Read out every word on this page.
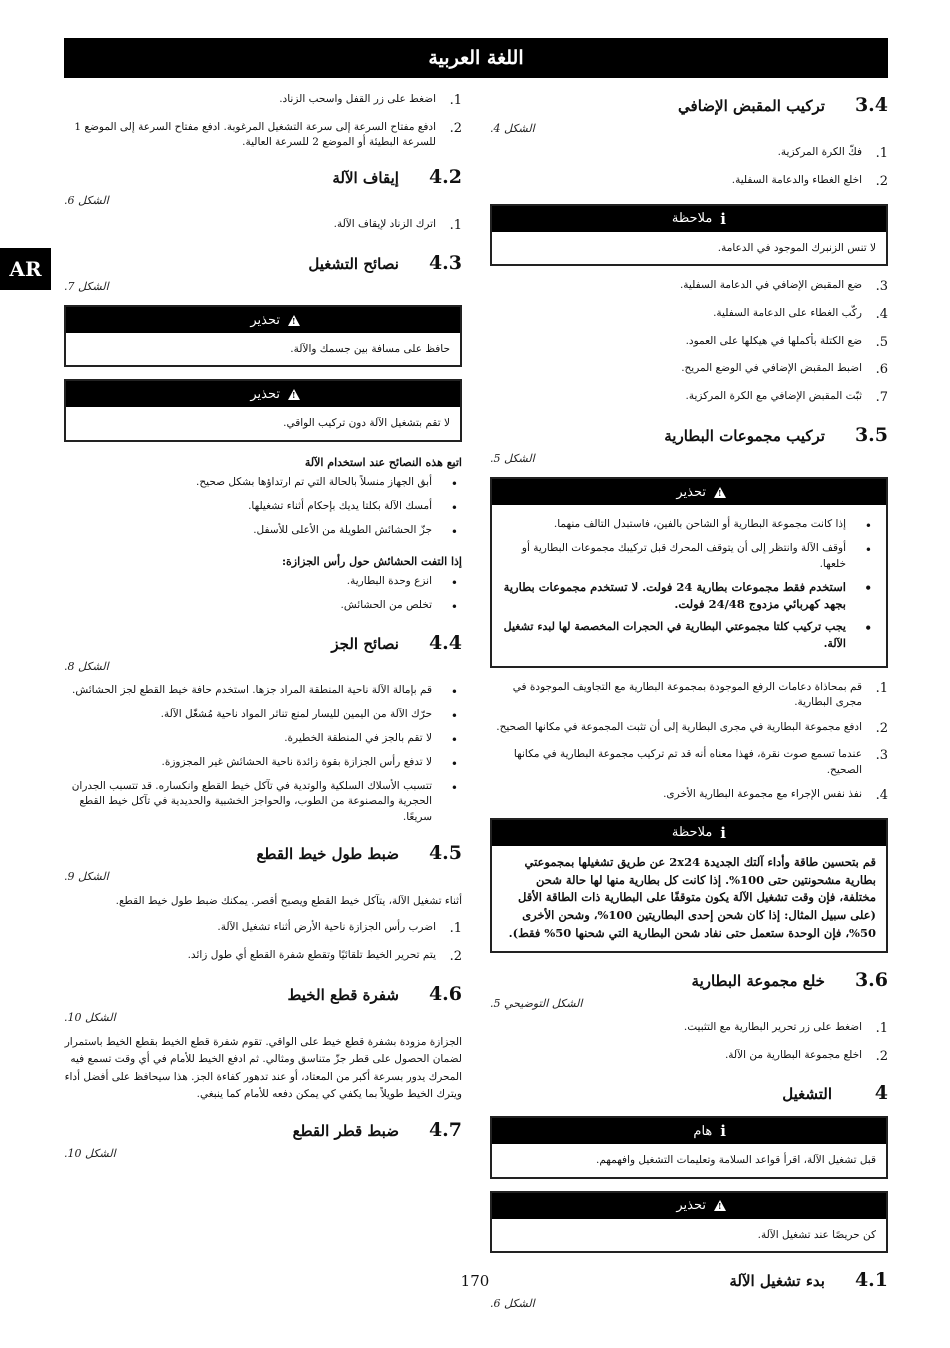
اللغة العربية
AR
3.4
تركيب المقبض الإضافي
الشكل 4.
1.
فكّ الكرة المركزية.
2.
اخلع الغطاء والدعامة السفلية.
i
ملاحظة
لا تنس الزنبرك الموجود في الدعامة.
3.
ضع المقبض الإضافي في الدعامة السفلية.
4.
ركّب الغطاء على الدعامة السفلية.
5.
ضع الكتلة بأكملها في هيكلها على العمود.
6.
اضبط المقبض الإضافي في الوضع المريح.
7.
ثبّت المقبض الإضافي مع الكرة المركزية.
3.5
تركيب مجموعات البطارية
الشكل 5.
!
تحذير
•
إذا كانت مجموعة البطارية أو الشاحن بالفين، فاستبدل التالف منهما.
•
أوقف الآلة وانتظر إلى أن يتوقف المحرك قبل تركيبك مجموعات البطارية أو خلعها.
•
استخدم فقط مجموعات بطارية 24 فولت. لا تستخدم مجموعات بطارية بجهد كهربائي مزدوج 24/48 فولت.
•
يجب تركيب كلتا مجموعتي البطارية في الحجرات المخصصة لها لبدء تشغيل الآلة.
1.
قم بمحاذاة دعامات الرفع الموجودة بمجموعة البطارية مع التجاويف الموجودة في مجرى البطارية.
2.
ادفع مجموعة البطارية في مجرى البطارية إلى أن تثبت المجموعة في مكانها الصحيح.
3.
عندما تسمع صوت نقرة، فهذا معناه أنه قد تم تركيب مجموعة البطارية في مكانها الصحيح.
4.
نفذ نفس الإجراء مع مجموعة البطارية الأخرى.
i
ملاحظة
قم بتحسين طاقة وأداء آلتك الجديدة 2x24 عن طريق تشغيلها بمجموعتي بطارية مشحونتين حتى 100%. إذا كانت كل بطارية منها لها حالة شحن مختلفة، فإن وقت تشغيل الآلة يكون متوقفًا على البطارية ذات الطاقة الأقل (على سبيل المثال: إذا كان شحن إحدى البطاريتين 100%، وشحن الأخرى 50%، فإن الوحدة ستعمل حتى نفاد شحن البطارية التي شحنها 50% فقط).
3.6
خلع مجموعة البطارية
الشكل التوضيحي 5.
1.
اضغط على زر تحرير البطارية مع التثبيت.
2.
اخلع مجموعة البطارية من الآلة.
4
التشغيل
i
هام
قبل تشغيل الآلة، اقرأ قواعد السلامة وتعليمات التشغيل وافهمهم.
!
تحذير
كن حريصًا عند تشغيل الآلة.
4.1
بدء تشغيل الآلة
الشكل 6.
1.
اضغط على زر القفل واسحب الزناد.
2.
ادفع مفتاح السرعة إلى سرعة التشغيل المرغوبة. ادفع مفتاح السرعة إلى الموضع 1 للسرعة البطيئة أو الموضع 2 للسرعة العالية.
4.2
إيقاف الآلة
الشكل 6.
1.
اترك الزناد لإيقاف الآلة.
4.3
نصائح التشغيل
الشكل 7.
!
تحذير
حافظ على مسافة بين جسمك والآلة.
!
تحذير
لا تقم بتشغيل الآلة دون تركيب الواقي.
اتبع هذه النصائح عند استخدام الآلة
•
أبق الجهاز منسلاً بالحالة التي تم ارتداؤها بشكل صحيح.
•
أمسك الآلة بكلتا يديك بإحكام أثناء تشغيلها.
•
جزّ الحشائش الطويلة من الأعلى للأسفل.
إذا التفت الحشائش حول رأس الجزازة:
•
انزع وحدة البطارية.
•
تخلص من الحشائش.
4.4
نصائح الجز
الشكل 8.
•
قم بإمالة الآلة ناحية المنطقة المراد جزها. استخدم حافة خيط القطع لجز الحشائش.
•
حرّك الآلة من اليمين لليسار لمنع تناثر المواد ناحية مُشغّل الآلة.
•
لا تقم بالجز في المنطقة الخطيرة.
•
لا تدفع رأس الجزازة بقوة زائدة ناحية الحشائش غير المجزوزة.
•
تتسبب الأسلاك السلكية والوتدية في تآكل خيط القطع وانكساره. قد تتسبب الجدران الحجرية والمصنوعة من الطوب، والحواجز الخشبية والحديدية في تآكل خيط القطع سريعًا.
4.5
ضبط طول خيط القطع
الشكل 9.
أثناء تشغيل الآلة، يتآكل خيط القطع ويصبح أقصر. يمكنك ضبط طول خيط القطع.
1.
اضرب رأس الجزازة ناحية الأرض أثناء تشغيل الآلة.
2.
يتم تحرير الخيط تلقائيًا وتقطع شفرة القطع أي طول زائد.
4.6
شفرة قطع الخيط
الشكل 10.
الجزازة مزودة بشفرة قطع خيط على الواقي. تقوم شفرة قطع الخيط بقطع الخيط باستمرار لضمان الحصول على قطر جزّ متناسق ومثالي. ثم ادفع الخيط للأمام في أي وقت تسمع فيه المحرك يدور بسرعة أكبر من المعتاد، أو عند تدهور كفاءة الجز. هذا سيحافظ على أفضل أداء ويترك الخيط طويلاً بما يكفي كي يمكن دفعه للأمام كما ينبغي.
4.7
ضبط قطر القطع
الشكل 10.
170
